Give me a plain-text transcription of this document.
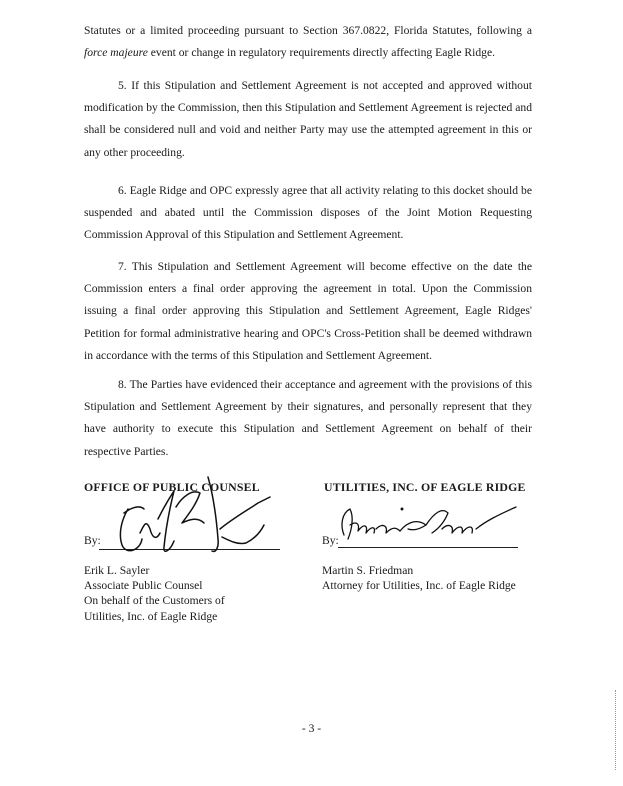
Statutes or a limited proceeding pursuant to Section 367.0822, Florida Statutes, following a force majeure event or change in regulatory requirements directly affecting Eagle Ridge.

5. If this Stipulation and Settlement Agreement is not accepted and approved without modification by the Commission, then this Stipulation and Settlement Agreement is rejected and shall be considered null and void and neither Party may use the attempted agreement in this or any other proceeding.

6. Eagle Ridge and OPC expressly agree that all activity relating to this docket should be suspended and abated until the Commission disposes of the Joint Motion Requesting Commission Approval of this Stipulation and Settlement Agreement.

7. This Stipulation and Settlement Agreement will become effective on the date the Commission enters a final order approving the agreement in total. Upon the Commission issuing a final order approving this Stipulation and Settlement Agreement, Eagle Ridges' Petition for formal administrative hearing and OPC's Cross-Petition shall be deemed withdrawn in accordance with the terms of this Stipulation and Settlement Agreement.

8. The Parties have evidenced their acceptance and agreement with the provisions of this Stipulation and Settlement Agreement by their signatures, and personally represent that they have authority to execute this Stipulation and Settlement Agreement on behalf of their respective Parties.

OFFICE OF PUBLIC COUNSEL

By:
Erik L. Sayler
Associate Public Counsel
On behalf of the Customers of
Utilities, Inc. of Eagle Ridge

UTILITIES, INC. OF EAGLE RIDGE

By:
Martin S. Friedman
Attorney for Utilities, Inc. of Eagle Ridge
- 3 -
